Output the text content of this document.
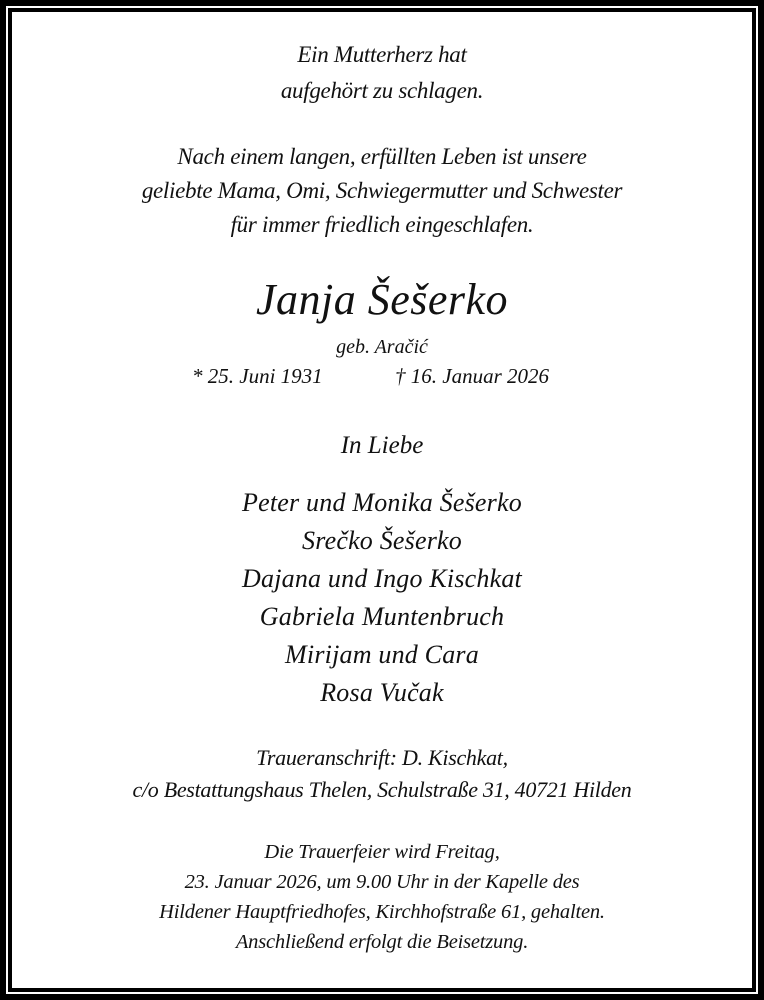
Ein Mutterherz hat
aufgehört zu schlagen.
Nach einem langen, erfüllten Leben ist unsere
geliebte Mama, Omi, Schwiegermutter und Schwester
für immer friedlich eingeschlafen.
Janja Šešerko
geb. Aračić
* 25. Juni 1931	† 16. Januar 2026
In Liebe
Peter und Monika Šešerko
Srečko Šešerko
Dajana und Ingo Kischkat
Gabriela Muntenbruch
Mirijam und Cara
Rosa Vučak
Traueranschrift: D. Kischkat,
c/o Bestattungshaus Thelen, Schulstraße 31, 40721 Hilden
Die Trauerfeier wird Freitag,
23. Januar 2026, um 9.00 Uhr in der Kapelle des
Hildener Hauptfriedhofes, Kirchhofstraße 61, gehalten.
Anschließend erfolgt die Beisetzung.
